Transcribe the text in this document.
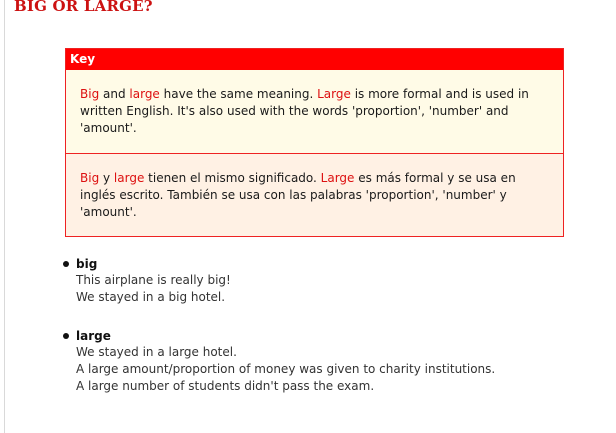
BIG OR LARGE?
Key
Big and large have the same meaning. Large is more formal and is used in written English. It's also used with the words 'proportion', 'number' and 'amount'.
Big y large tienen el mismo significado. Large es más formal y se usa en inglés escrito. También se usa con las palabras 'proportion', 'number' y 'amount'.
big
This airplane is really big!
We stayed in a big hotel.
large
We stayed in a large hotel.
A large amount/proportion of money was given to charity institutions.
A large number of students didn't pass the exam.
